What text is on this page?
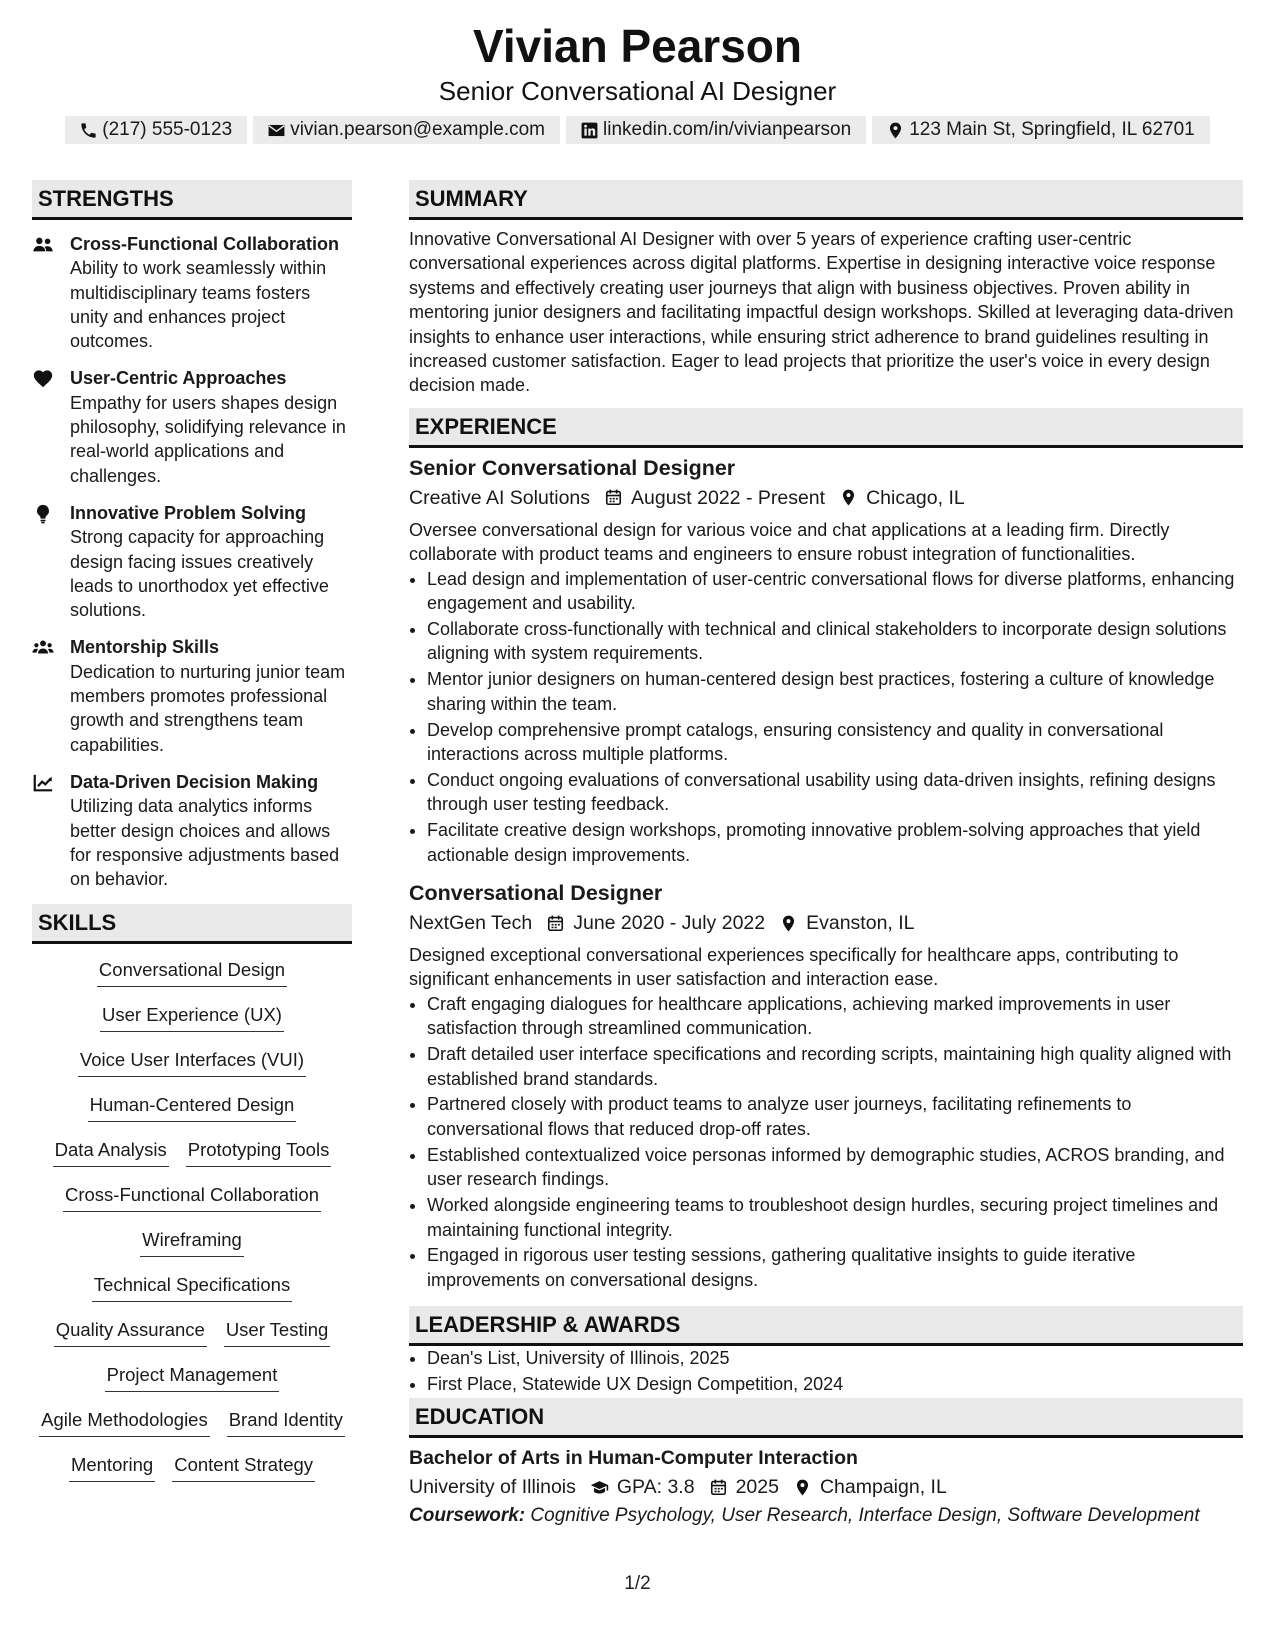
Vivian Pearson
Senior Conversational AI Designer
(217) 555-0123	vivian.pearson@example.com	linkedin.com/in/vivianpearson	123 Main St, Springfield, IL 62701
STRENGTHS
Cross-Functional Collaboration
Ability to work seamlessly within multidisciplinary teams fosters unity and enhances project outcomes.
User-Centric Approaches
Empathy for users shapes design philosophy, solidifying relevance in real-world applications and challenges.
Innovative Problem Solving
Strong capacity for approaching design facing issues creatively leads to unorthodox yet effective solutions.
Mentorship Skills
Dedication to nurturing junior team members promotes professional growth and strengthens team capabilities.
Data-Driven Decision Making
Utilizing data analytics informs better design choices and allows for responsive adjustments based on behavior.
SKILLS
Conversational Design
User Experience (UX)
Voice User Interfaces (VUI)
Human-Centered Design
Data Analysis Prototyping Tools
Cross-Functional Collaboration
Wireframing
Technical Specifications
Quality Assurance User Testing
Project Management
Agile Methodologies Brand Identity
Mentoring Content Strategy
SUMMARY
Innovative Conversational AI Designer with over 5 years of experience crafting user-centric conversational experiences across digital platforms. Expertise in designing interactive voice response systems and effectively creating user journeys that align with business objectives. Proven ability in mentoring junior designers and facilitating impactful design workshops. Skilled at leveraging data-driven insights to enhance user interactions, while ensuring strict adherence to brand guidelines resulting in increased customer satisfaction. Eager to lead projects that prioritize the user's voice in every design decision made.
EXPERIENCE
Senior Conversational Designer
Creative AI Solutions August 2022 - Present Chicago, IL
Oversee conversational design for various voice and chat applications at a leading firm. Directly collaborate with product teams and engineers to ensure robust integration of functionalities.
• Lead design and implementation of user-centric conversational flows for diverse platforms, enhancing engagement and usability.
• Collaborate cross-functionally with technical and clinical stakeholders to incorporate design solutions aligning with system requirements.
• Mentor junior designers on human-centered design best practices, fostering a culture of knowledge sharing within the team.
• Develop comprehensive prompt catalogs, ensuring consistency and quality in conversational interactions across multiple platforms.
• Conduct ongoing evaluations of conversational usability using data-driven insights, refining designs through user testing feedback.
• Facilitate creative design workshops, promoting innovative problem-solving approaches that yield actionable design improvements.
Conversational Designer
NextGen Tech June 2020 - July 2022 Evanston, IL
Designed exceptional conversational experiences specifically for healthcare apps, contributing to significant enhancements in user satisfaction and interaction ease.
• Craft engaging dialogues for healthcare applications, achieving marked improvements in user satisfaction through streamlined communication.
• Draft detailed user interface specifications and recording scripts, maintaining high quality aligned with established brand standards.
• Partnered closely with product teams to analyze user journeys, facilitating refinements to conversational flows that reduced drop-off rates.
• Established contextualized voice personas informed by demographic studies, ACROS branding, and user research findings.
• Worked alongside engineering teams to troubleshoot design hurdles, securing project timelines and maintaining functional integrity.
• Engaged in rigorous user testing sessions, gathering qualitative insights to guide iterative improvements on conversational designs.
LEADERSHIP & AWARDS
• Dean's List, University of Illinois, 2025
• First Place, Statewide UX Design Competition, 2024
EDUCATION
Bachelor of Arts in Human-Computer Interaction
University of Illinois GPA: 3.8 2025 Champaign, IL
Coursework: Cognitive Psychology, User Research, Interface Design, Software Development
1/2
